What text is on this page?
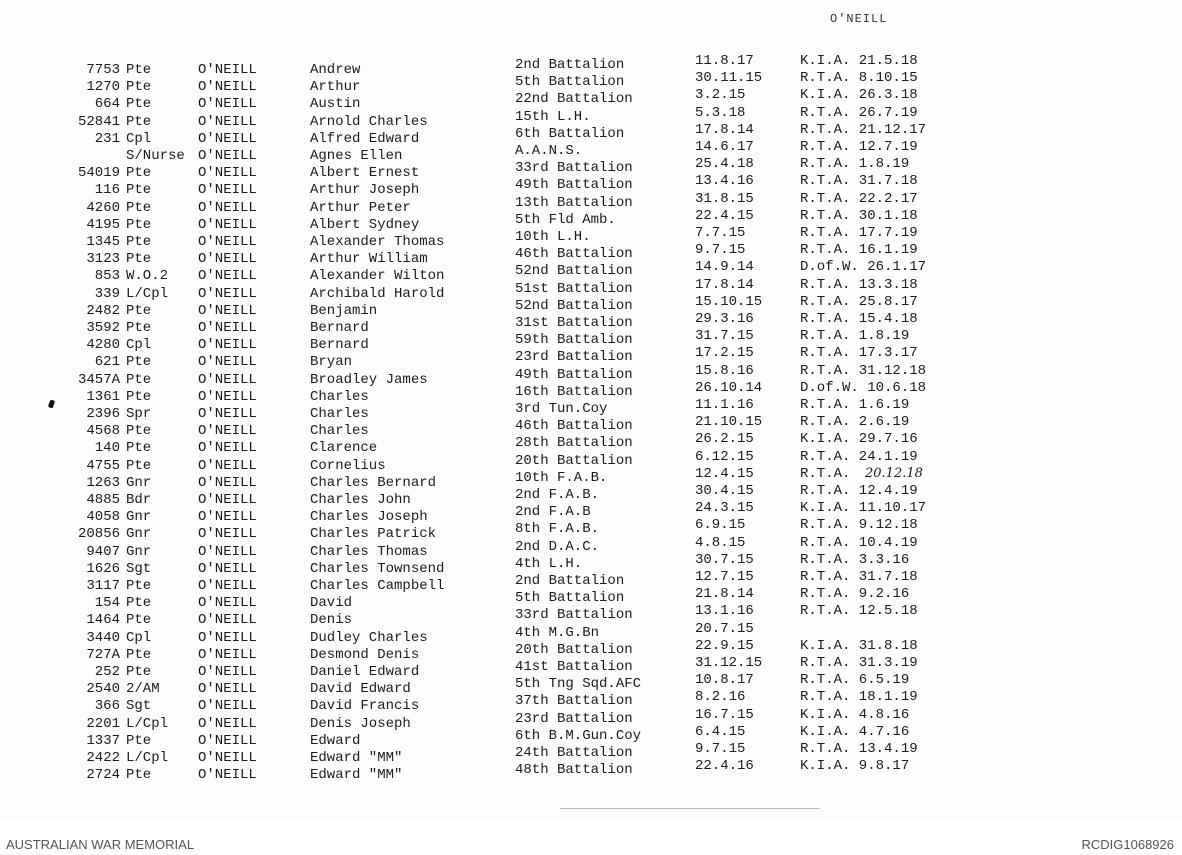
O'NEILL
7753 Pte	O'NEILL	Andrew	2nd Battalion	11.8.17	K.I.A. 21.5.18
1270 Pte	O'NEILL	Arthur	5th Battalion	30.11.15	R.T.A. 8.10.15
664 Pte	O'NEILL	Austin	22nd Battalion	3.2.15	K.I.A. 26.3.18
52841 Pte	O'NEILL	Arnold Charles	15th L.H.	5.3.18	R.T.A. 26.7.19
231 Cpl	O'NEILL	Alfred Edward	6th Battalion	17.8.14	R.T.A. 21.12.17
S/Nurse O'NEILL	Agnes Ellen	A.A.N.S.	14.6.17	R.T.A. 12.7.19
54019 Pte	O'NEILL	Albert Ernest	33rd Battalion	25.4.18	R.T.A. 1.8.19
116 Pte	O'NEILL	Arthur Joseph	49th Battalion	13.4.16	R.T.A. 31.7.18
4260 Pte	O'NEILL	Arthur Peter	13th Battalion	31.8.15	R.T.A. 22.2.17
4195 Pte	O'NEILL	Albert Sydney	5th Fld Amb.	22.4.15	R.T.A. 30.1.18
1345 Pte	O'NEILL	Alexander Thomas	10th L.H.	7.7.15	R.T.A. 17.7.19
3123 Pte	O'NEILL	Arthur William	46th Battalion	9.7.15	R.T.A. 16.1.19
853 W.O.2 O'NEILL	Alexander Wilton	52nd Battalion	14.9.14	D.of.W. 26.1.17
339 L/Cpl O'NEILL	Archibald Harold	51st Battalion	17.8.14	R.T.A. 13.3.18
2482 Pte	O'NEILL	Benjamin	52nd Battalion	15.10.15	R.T.A. 25.8.17
3592 Pte	O'NEILL	Bernard	31st Battalion	29.3.16	R.T.A. 15.4.18
4280 Cpl	O'NEILL	Bernard	59th Battalion	31.7.15	R.T.A. 1.8.19
621 Pte	O'NEILL	Bryan	23rd Battalion	17.2.15	R.T.A. 17.3.17
3457A Pte	O'NEILL	Broadley James	49th Battalion	15.8.16	R.T.A. 31.12.18
1361 Pte	O'NEILL	Charles	16th Battalion	26.10.14	D.of.W. 10.6.18
2396 Spr	O'NEILL	Charles	3rd Tun.Coy	11.1.16	R.T.A. 1.6.19
4568 Pte	O'NEILL	Charles	46th Battalion	21.10.15	R.T.A. 2.6.19
140 Pte	O'NEILL	Clarence	28th Battalion	26.2.15	K.I.A. 29.7.16
4755 Pte	O'NEILL	Cornelius	20th Battalion	6.12.15	R.T.A. 24.1.19
1263 Gnr	O'NEILL	Charles Bernard	10th F.A.B.	12.4.15	R.T.A. 20.12.18
4885 Bdr	O'NEILL	Charles John	2nd F.A.B.	30.4.15	R.T.A. 12.4.19
4058 Gnr	O'NEILL	Charles Joseph	2nd F.A.B	24.3.15	K.I.A. 11.10.17
20856 Gnr	O'NEILL	Charles Patrick	8th F.A.B.	6.9.15	R.T.A. 9.12.18
9407 Gnr	O'NEILL	Charles Thomas	2nd D.A.C.	4.8.15	R.T.A. 10.4.19
1626 Sgt	O'NEILL	Charles Townsend	4th L.H.	30.7.15	R.T.A. 3.3.16
3117 Pte	O'NEILL	Charles Campbell	2nd Battalion	12.7.15	R.T.A. 31.7.18
154 Pte	O'NEILL	David	5th Battalion	21.8.14	R.T.A. 9.2.16
1464 Pte	O'NEILL	Denis	33rd Battalion	13.1.16	R.T.A. 12.5.18
3440 Cpl	O'NEILL	Dudley Charles	4th M.G.Bn	20.7.15
727A Pte	O'NEILL	Desmond Denis	20th Battalion	22.9.15	K.I.A. 31.8.18
252 Pte	O'NEILL	Daniel Edward	41st Battalion	31.12.15	R.T.A. 31.3.19
2540 2/AM	O'NEILL	David Edward	5th Tng Sqd.AFC	10.8.17	R.T.A. 6.5.19
366 Sgt	O'NEILL	David Francis	37th Battalion	8.2.16	R.T.A. 18.1.19
2201 L/Cpl O'NEILL	Denis Joseph	23rd Battalion	16.7.15	K.I.A. 4.8.16
1337 Pte	O'NEILL	Edward	6th B.M.Gun.Coy	6.4.15	K.I.A. 4.7.16
2422 L/Cpl O'NEILL	Edward "MM"	24th Battalion	9.7.15	R.T.A. 13.4.19
2724 Pte	O'NEILL	Edward "MM"	48th Battalion	22.4.16	K.I.A. 9.8.17
AUSTRALIAN WAR MEMORIAL	RCDIG1068926
